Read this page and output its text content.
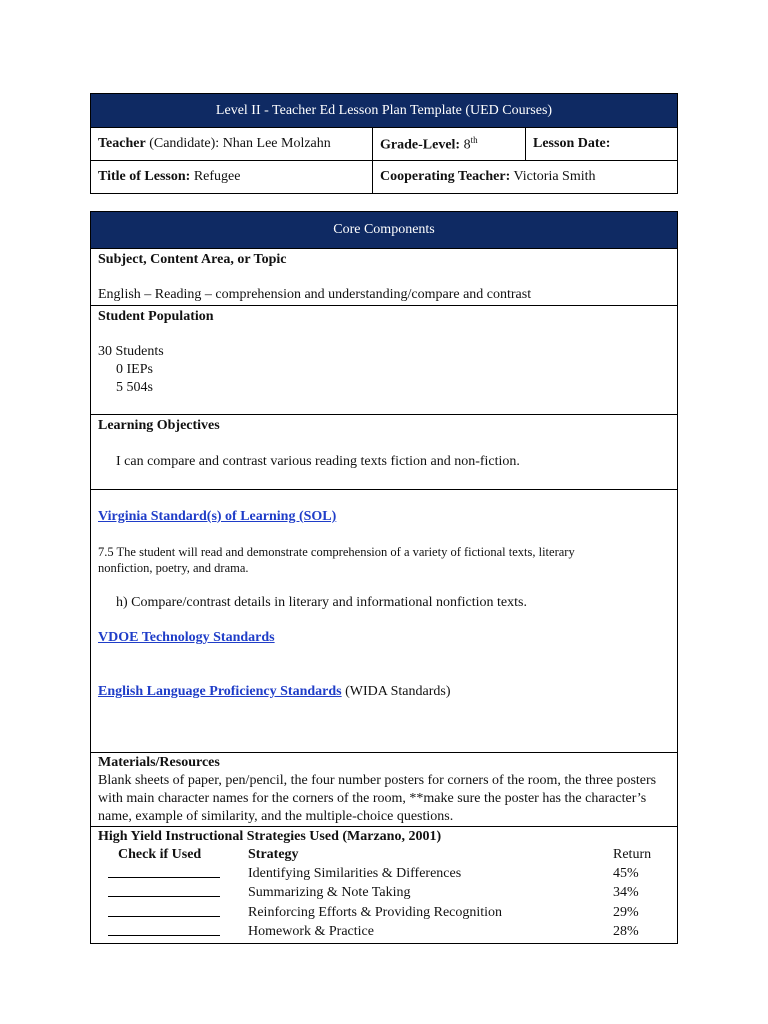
Level II - Teacher Ed Lesson Plan Template (UED Courses)		
Teacher (Candidate): Nhan Lee Molzahn	Grade-Level: 8th	Lesson Date:
Title of Lesson: Refugee	Cooperating Teacher: Victoria Smith	
Core Components

Subject, Content Area, or Topic

English – Reading – comprehension and understanding/compare and contrast

Student Population

30 Students

0 IEPs

5 504s

Learning Objectives

I can compare and contrast various reading texts fiction and non-fiction.

Virginia Standard(s) of Learning (SOL)

7.5 The student will read and demonstrate comprehension of a variety of fictional texts, literary nonfiction, poetry, and drama.

h) Compare/contrast details in literary and informational nonfiction texts.

VDOE Technology Standards

English Language Proficiency Standards (WIDA Standards)

Materials/Resources

Blank sheets of paper, pen/pencil, the four number posters for corners of the room, the three posters with main character names for the corners of the room, **make sure the poster has the character’s name, example of similarity, and the multiple-choice questions.

High Yield Instructional Strategies Used (Marzano, 2001)

Check if Used	Strategy	Return
	Identifying Similarities & Differences	45%
	Summarizing & Note Taking	34%
	Reinforcing Efforts & Providing Recognition	29%
	Homework & Practice	28%
